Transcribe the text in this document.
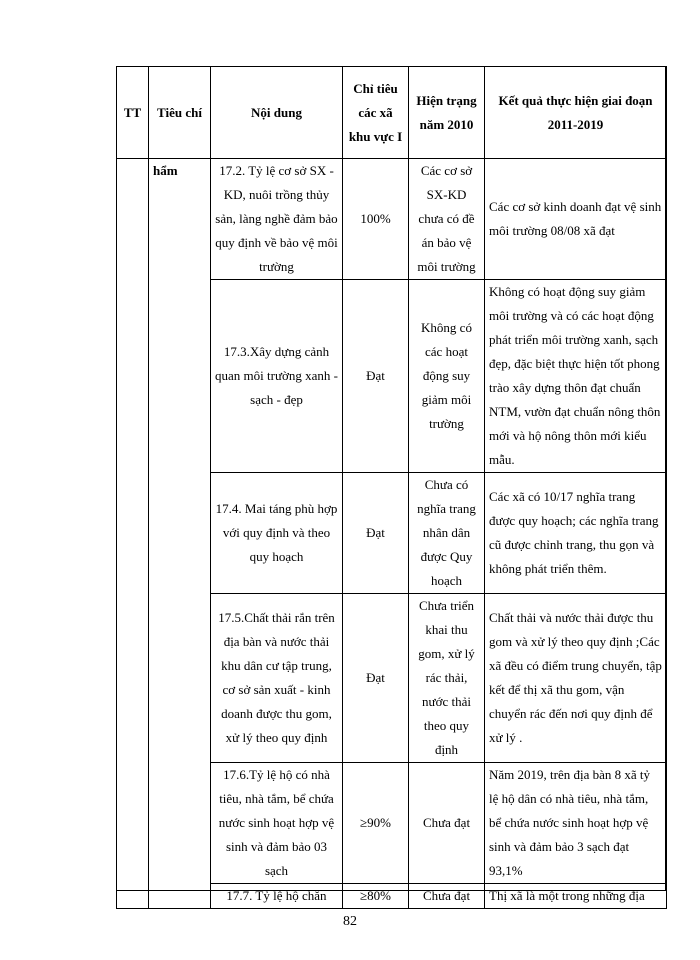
TT	Tiêu chí	Nội dung	Chỉ tiêu các xã khu vực I	Hiện trạng năm 2010	Kết quả thực hiện giai đoạn 2011-2019
	hẩm	17.2. Tỷ lệ cơ sở SX - KD, nuôi trồng thủy sản, làng nghề đảm bảo quy định về bảo vệ môi trường	100%	Các cơ sở SX-KD chưa có đề án bảo vệ môi trường	Các cơ sở kinh doanh đạt vệ sinh môi trường 08/08 xã đạt
		17.3.Xây dựng cảnh quan môi trường xanh - sạch - đẹp	Đạt	Không có các hoạt động suy giảm môi trường	Không có hoạt động suy giảm môi trường và có các hoạt động phát triển môi trường xanh, sạch đẹp, đặc biệt thực hiện tốt phong trào xây dựng thôn đạt chuẩn NTM, vườn đạt chuẩn nông thôn mới và hộ nông thôn mới kiểu mẫu.
		17.4. Mai táng phù hợp với quy định và theo quy hoạch	Đạt	Chưa có nghĩa trang nhân dân được Quy hoạch	Các xã có 10/17 nghĩa trang được quy hoạch; các nghĩa trang cũ được chỉnh trang, thu gọn và không phát triển thêm.
		17.5.Chất thải rắn trên địa bàn và nước thải khu dân cư tập trung, cơ sở sản xuất - kinh doanh được thu gom, xử lý theo quy định	Đạt	Chưa triển khai thu gom, xử lý rác thải, nước thải theo quy định	Chất thải và nước thải được thu gom và xử lý theo quy định ;Các xã đều có điểm trung chuyển, tập kết để thị xã thu gom, vận chuyển rác đến nơi quy định để xử lý .
		17.6.Tỷ lệ hộ có nhà tiêu, nhà tắm, bể chứa nước sinh hoạt hợp vệ sinh và đảm bảo 03 sạch	≥90%	Chưa đạt	Năm 2019, trên địa bàn 8 xã tỷ lệ hộ dân có nhà tiêu, nhà tắm, bể chứa nước sinh hoạt hợp vệ sinh và đảm bảo 3 sạch đạt 93,1%
		17.7. Tỷ lệ hộ chăn	≥80%	Chưa đạt	Thị xã là một trong những địa
82
